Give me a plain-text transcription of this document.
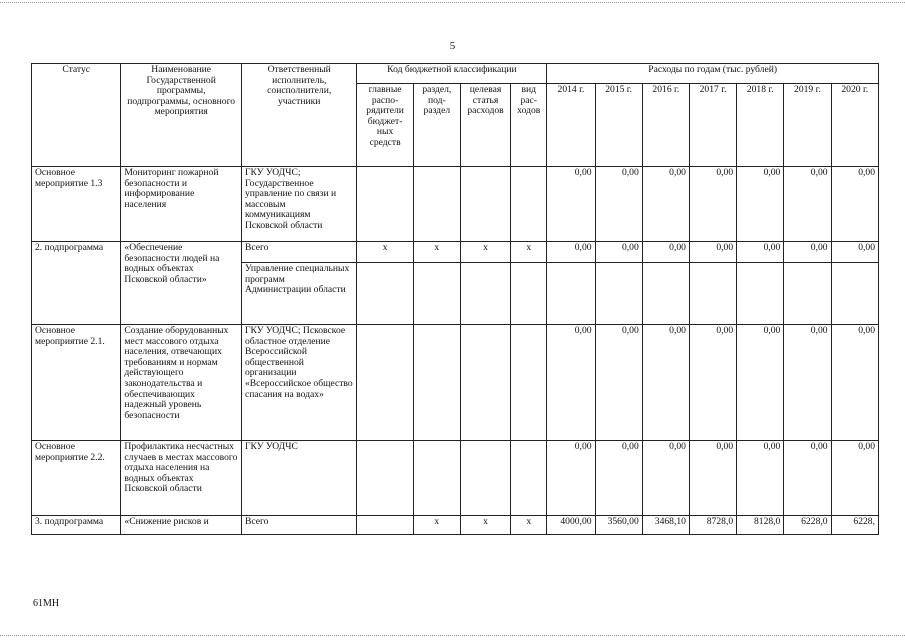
5
Статус	Наименование Государственной программы, подпрограммы, основного мероприятия	Ответственный исполнитель, соисполнители, участники	Код бюджетной классификации				Расходы по годам (тыс. рублей)						
			главные распо-рядители бюджет-ных средств	раздел, под-раздел	целевая статья расходов	вид рас-ходов	2014 г.	2015 г.	2016 г.	2017 г.	2018 г.	2019 г.	2020 г.
Основное мероприятие 1.3	Мониторинг пожарной безопасности и информирование населения	ГКУ УОДЧС; Государственное управление по связи и массовым коммуникациям Псковской области					0,00	0,00	0,00	0,00	0,00	0,00	0,00
2. подпрограмма	«Обеспечение безопасности людей на водных объектах Псковской области»	Всего	х	х	х	х	0,00	0,00	0,00	0,00	0,00	0,00	0,00
		Управление специальных программ Администрации области											
Основное мероприятие 2.1.	Создание оборудованных мест массового отдыха населения, отвечающих требованиям и нормам действующего законодательства и обеспечивающих надежный уровень безопасности	ГКУ УОДЧС; Псковское областное отделение Всероссийской общественной организации «Всероссийское общество спасания на водах»					0,00	0,00	0,00	0,00	0,00	0,00	0,00
Основное мероприятие 2.2.	Профилактика несчастных случаев в местах массового отдыха населения на водных объектах Псковской области	ГКУ УОДЧС					0,00	0,00	0,00	0,00	0,00	0,00	0,00
3. подпрограмма	«Снижение рисков и	Всего		х	х	х	4000,00	3560,00	3468,10	8728,0	8128,0	6228,0	6228,
61МН
